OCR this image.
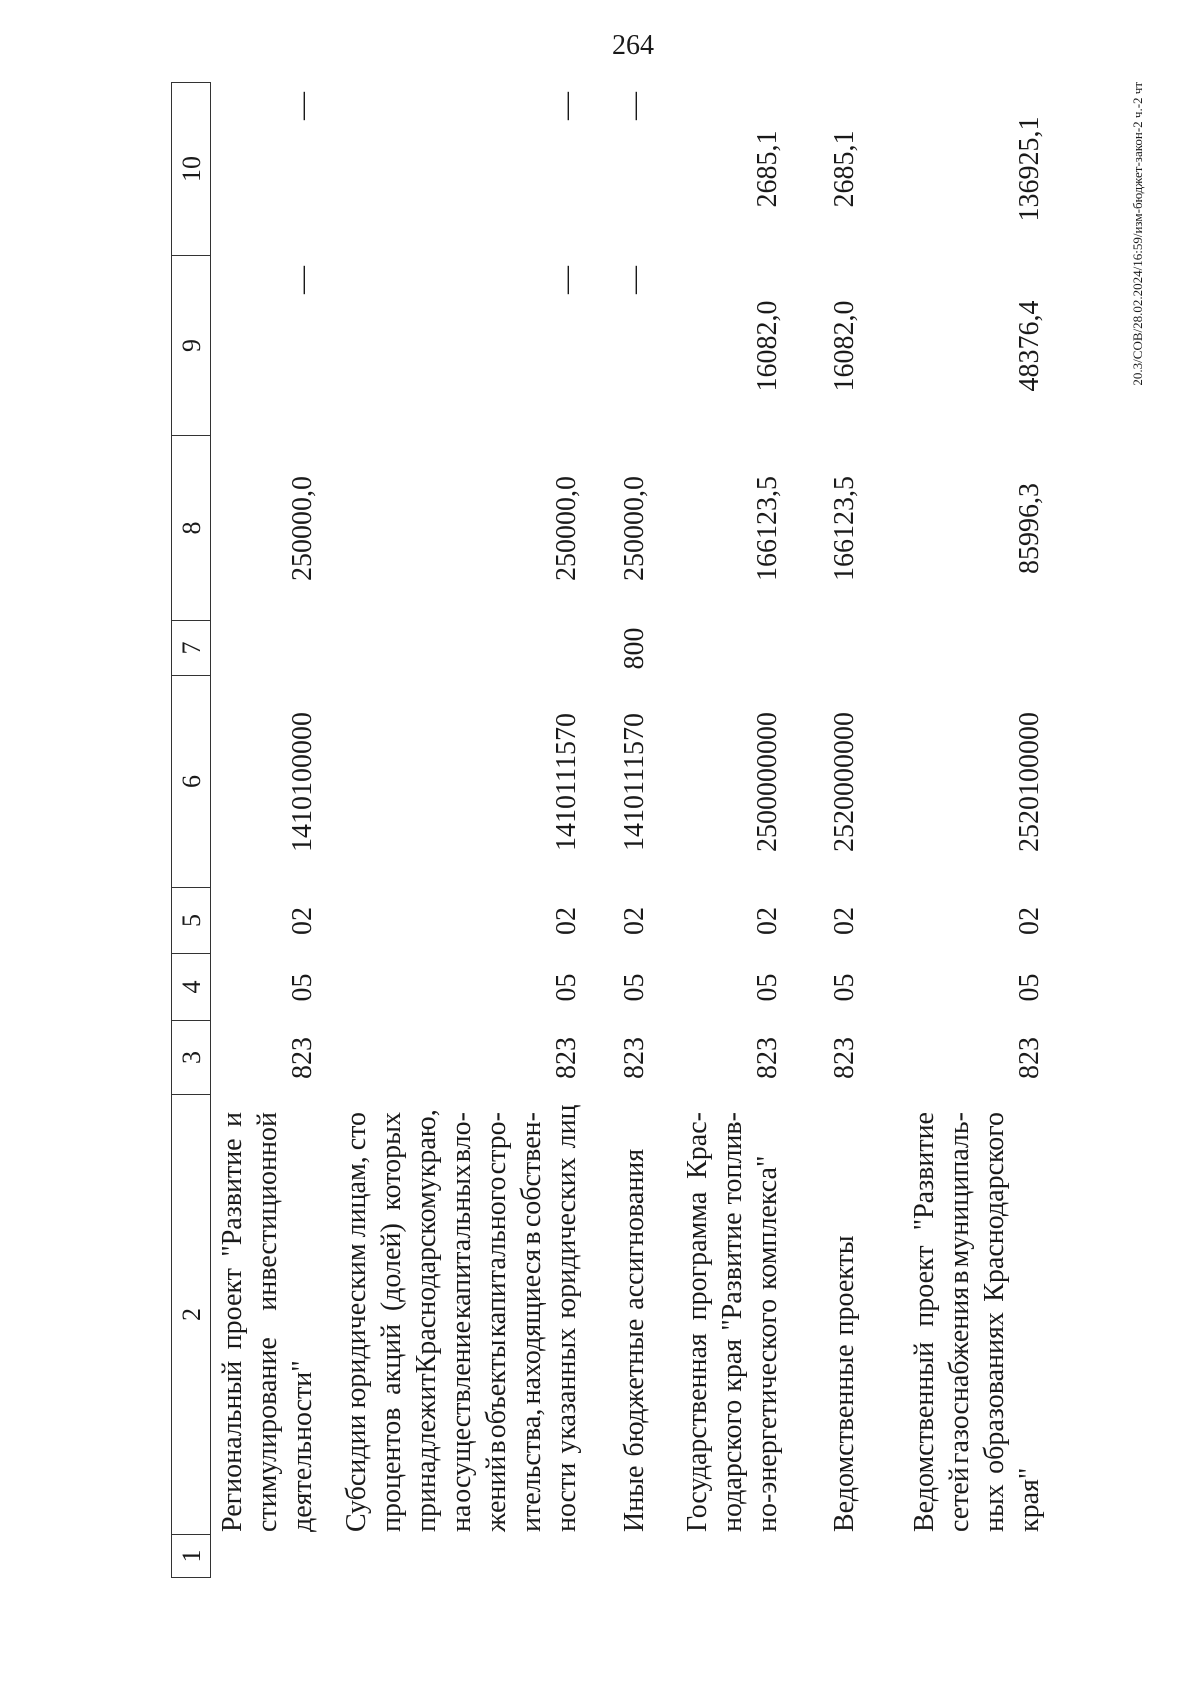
264
1
2
3
4
5
6
7
8
9
10
Региональный
проект
"Развитие
и
стимулирование
инвестиционной
деятельности"
823
05
02
1410100000
250000,0
—
—
Субсидии
юридическим
лицам,
сто
процентов
акций
(долей)
которых
принадлежит
Краснодарскому
краю,
на
осуществление
капитальных
вло-
жений
в
объекты
капитального
стро-
ительства,
находящиеся
в
собствен-
ности
указанных
юридических
лиц
823
05
02
1410111570
250000,0
—
—
Иные
бюджетные
ассигнования
823
05
02
1410111570
800
250000,0
—
—
Государственная
программа
Крас-
нодарского
края
"Развитие
топлив-
но-энергетического
комплекса"
823
05
02
2500000000
166123,5
16082,0
2685,1
Ведомственные
проекты
823
05
02
2520000000
166123,5
16082,0
2685,1
Ведомственный
проект
"Развитие
сетей
газоснабжения
в
муниципаль-
ных
образованиях
Краснодарского
края"
823
05
02
2520100000
85996,3
48376,4
136925,1	20.3/СОВ/28.02.2024/16:59/изм-бюджет-закон-2 ч.-2 чт
